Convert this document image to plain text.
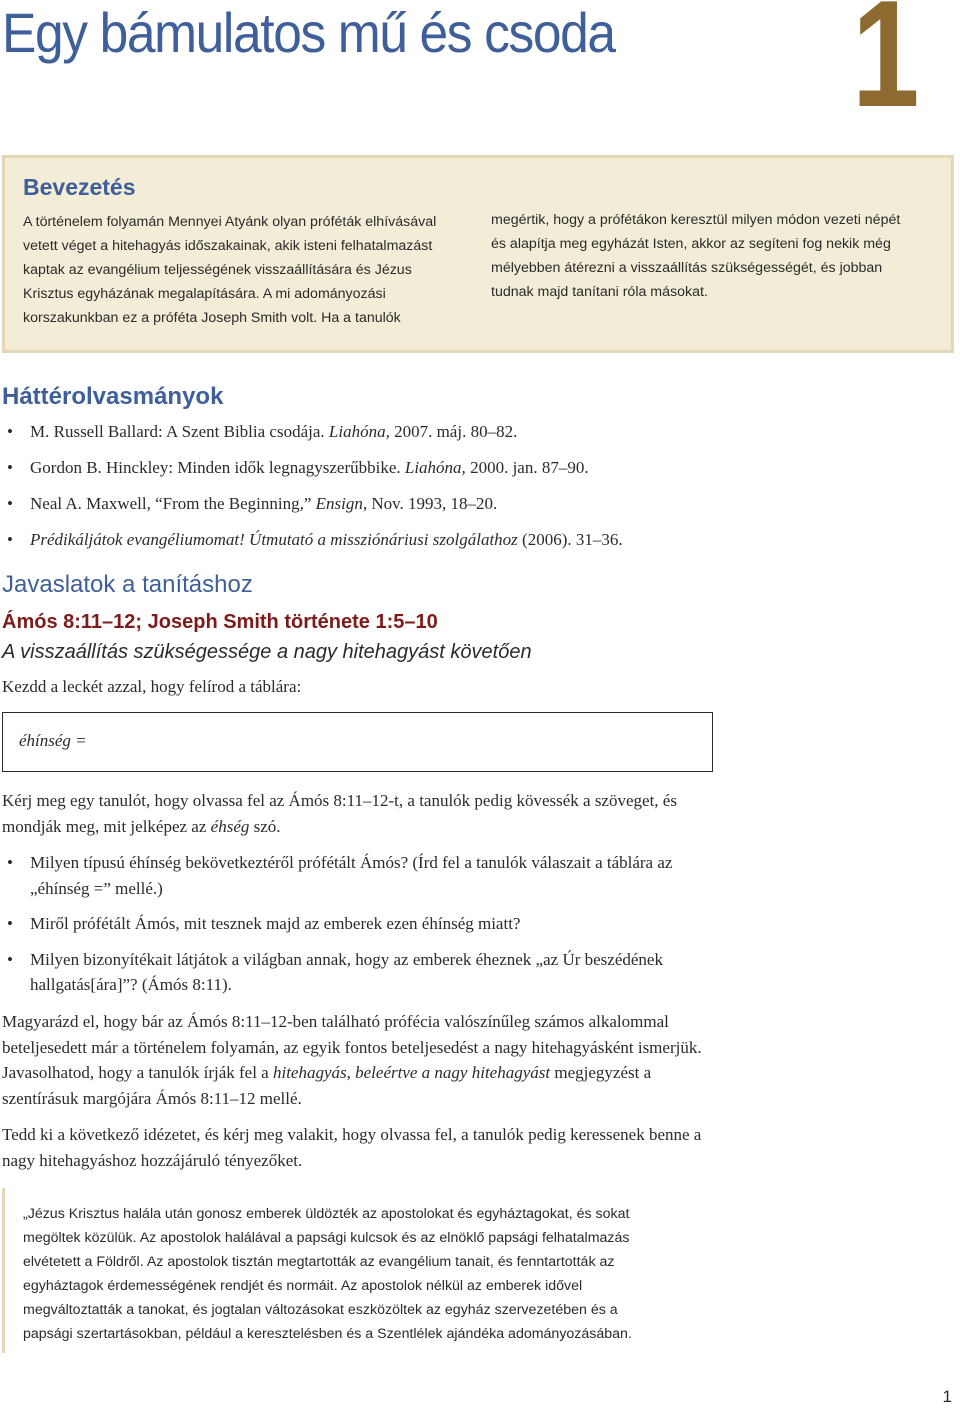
Egy bámulatos mű és csoda 1
Bevezetés
A történelem folyamán Mennyei Atyánk olyan próféták elhívásával
vetett véget a hitehagyás időszakainak, akik isteni felhatalmazást
kaptak az evangélium teljességének visszaállítására és Jézus
Krisztus egyházának megalapítására. A mi adományozási
korszakunkban ez a próféta Joseph Smith volt. Ha a tanulók
megértik, hogy a prófétákon keresztül milyen módon vezeti népét
és alapítja meg egyházát Isten, akkor az segíteni fog nekik még
mélyebben átérezni a visszaállítás szükségességét, és jobban
tudnak majd tanítani róla másokat.
Háttérolvasmányok
• M. Russell Ballard: A Szent Biblia csodája. Liahóna, 2007. máj. 80–82.
• Gordon B. Hinckley: Minden idők legnagyszerűbbike. Liahóna, 2000. jan. 87–90.
• Neal A. Maxwell, “From the Beginning,” Ensign, Nov. 1993, 18–20.
• Prédikáljátok evangéliumomat! Útmutató a missziónáriusi szolgálathoz (2006). 31–36.
Javaslatok a tanításhoz
Ámós 8:11–12; Joseph Smith története 1:5–10
A visszaállítás szükségessége a nagy hitehagyást követően
Kezdd a leckét azzal, hogy felírod a táblára:
éhínség =
Kérj meg egy tanulót, hogy olvassa fel az Ámós 8:11–12-t, a tanulók pedig kövessék a szöveget, és mondják meg, mit jelképez az éhség szó.
• Milyen típusú éhínség bekövetkeztéről prófétált Ámós? (Írd fel a tanulók válaszait a táblára az „éhínség =” mellé.)
• Miről prófétált Ámós, mit tesznek majd az emberek ezen éhínség miatt?
• Milyen bizonyítékait látjátok a világban annak, hogy az emberek éheznek „az Úr beszédének hallgatás[ára]”? (Ámós 8:11).
Magyarázd el, hogy bár az Ámós 8:11–12-ben található prófécia valószínűleg számos alkalommal beteljesedett már a történelem folyamán, az egyik fontos beteljesedést a nagy hitehagyásként ismerjük. Javasolhatod, hogy a tanulók írják fel a hitehagyás, beleértve a nagy hitehagyást megjegyzést a szentírásuk margójára Ámós 8:11–12 mellé.
Tedd ki a következő idézetet, és kérj meg valakit, hogy olvassa fel, a tanulók pedig keressenek benne a nagy hitehagyáshoz hozzájáruló tényezőket.
„Jézus Krisztus halála után gonosz emberek üldözték az apostolokat és egyháztagokat, és sokat
megöltek közülük. Az apostolok halálával a papsági kulcsok és az elnöklő papsági felhatalmazás
elvétetett a Földről. Az apostolok tisztán megtartották az evangélium tanait, és fenntartották az
egyháztagok érdemességének rendjét és normáit. Az apostolok nélkül az emberek idővel
megváltoztatták a tanokat, és jogtalan változásokat eszközöltek az egyház szervezetében és a
papsági szertartásokban, például a keresztelésben és a Szentlélek ajándéka adományozásában.
1
